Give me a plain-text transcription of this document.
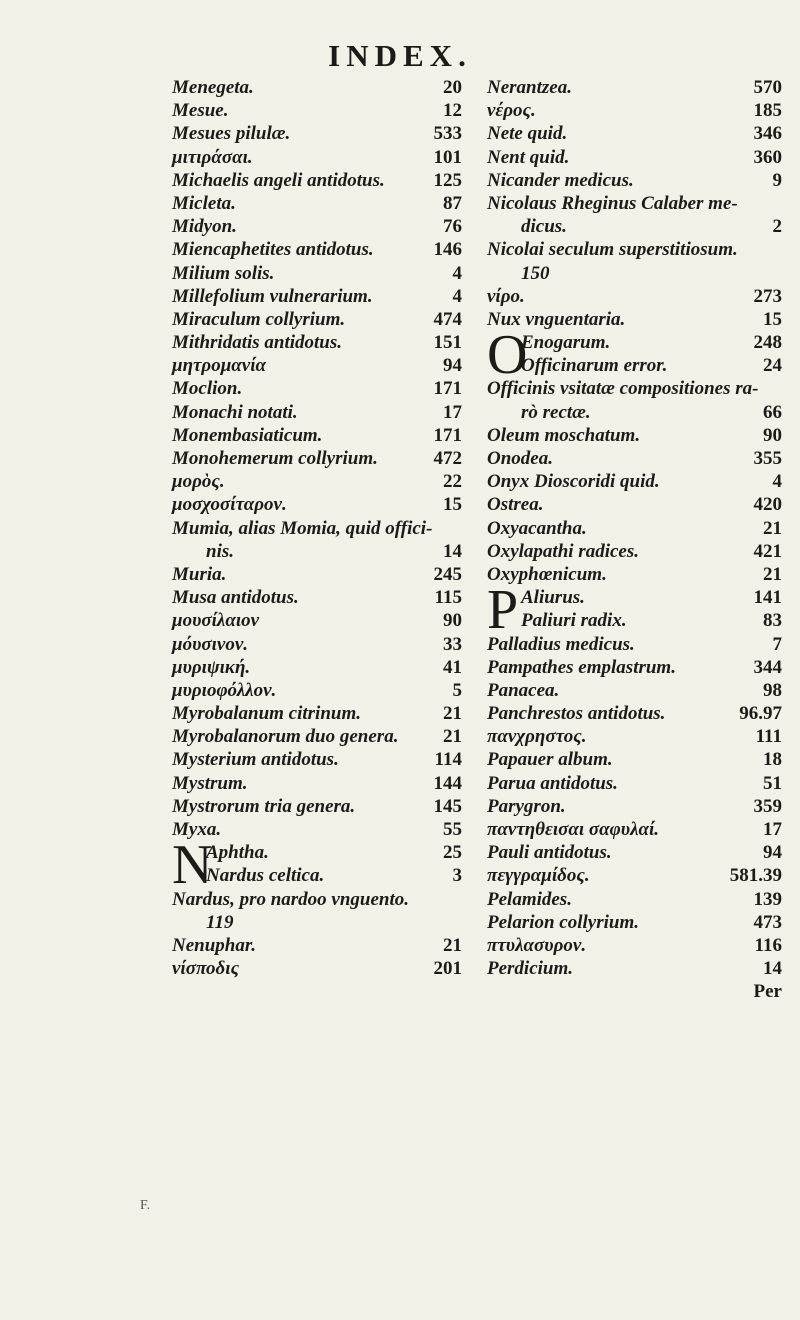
INDEX.
Menegeta.	20
Mesue.	12
Mesues pilulæ.	533
μιτιράσαι.	101
Michaelis angeli antidotus.	125
Micleta.	87
Midyon.	76
Miencaphetites antidotus.	146
Milium solis.	4
Millefolium vulnerarium.	4
Miraculum collyrium.	474
Mithridatis antidotus.	151
μητρομανία	94
Moclion.	171
Monachi notati.	17
Monembasiaticum.	171
Monohemerum collyrium.	472
μορὸς.	22
μοσχοσίταρον.	15
Mumia, alias Momia, quid offici-
nis.	14
Muria.	245
Musa antidotus.	115
μουσίλαιον	90
μόυσινον.	33
μυριψική.	41
μυριοφόλλον.	5
Myrobalanum citrinum.	21
Myrobalanorum duo genera. 21
Mysterium antidotus.	114
Mystrum.	144
Mystrorum tria genera.	145
Myxa.	55
N
Aphtha.	25
Nardus celtica.	3
Nardus, pro nardoo vnguento.
119
Nenuphar.	21
νίσποδις	201
Nerantzea.	570
νέρος.	185
Nete quid.	346
Nent quid.	360
Nicander medicus.	9
Nicolaus Rheginus Calaber me-
dicus.	2
Nicolai seculum superstitiosum.
150
νίρο.	273
Nux vnguentaria.	15
O
Enogarum.	248
Officinarum error.	24
Officinis vsitatæ compositiones ra-
rò rectæ.	66
Oleum moschatum.	90
Onodea.	355
Onyx Dioscoridi quid.	4
Ostrea.	420
Oxyacantha.	21
Oxylapathi radices.	421
Oxyphœnicum.	21
P Aliurus.	141
Paliuri radix.	83
Palladius medicus.	7
Pampathes emplastrum.	344
Panacea.	98
Panchrestos antidotus.	96.97
πανχρηστος.	111
Papauer album.	18
Parua antidotus.	51
Parygron.	359
παντηθεισαι σαφυλαί.	17
Pauli antidotus.	94
πεγγραμίδος.	581.39
Pelamides.	139
Pelarion collyrium.	473
πτυλασυρον.	116
Perdicium.	14
Per
F.
